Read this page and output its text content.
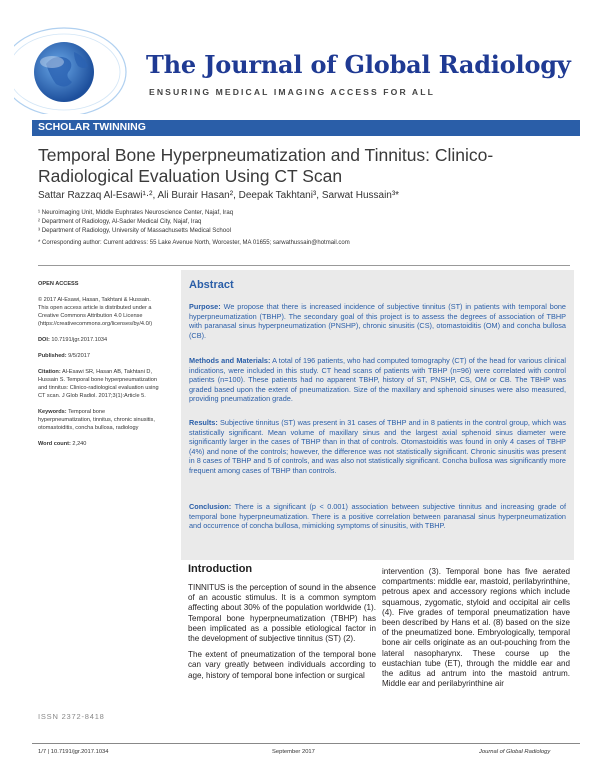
The Journal of Global Radiology
ENSURING MEDICAL IMAGING ACCESS FOR ALL
SCHOLAR TWINNING
Temporal Bone Hyperpneumatization and Tinnitus: Clinico-Radiological Evaluation Using CT Scan
Sattar Razzaq Al-Esawi¹·², Ali Burair Hasan², Deepak Takhtani³, Sarwat Hussain³*
¹ Neuroimaging Unit, Middle Euphrates Neuroscience Center, Najaf, Iraq
² Department of Radiology, Al-Sader Medical City, Najaf, Iraq
³ Department of Radiology, University of Massachusetts Medical School
* Corresponding author: Current address: 55 Lake Avenue North, Worcester, MA 01655; sarwathussain@hotmail.com

OPEN ACCESS

© 2017 Al-Esawi, Hasan, Takhtani & Hussain. This open access article is distributed under a Creative Commons Attribution 4.0 License (https://creativecommons.org/licenses/by/4.0/)

DOI: 10.7191/jgr.2017.1034

Published: 9/5/2017

Citation: Al-Esawi SR, Hasan AB, Takhtani D, Hussain S. Temporal bone hyperpneumatization and tinnitus: Clinico-radiological evaluation using CT scan. J Glob Radiol. 2017;3(1):Article 5.

Keywords: Temporal bone hyperpneumatization, tinnitus, chronic sinusitis, otomastoiditis, concha bullosa, radiology

Word count: 2,240

Abstract
Purpose: We propose that there is increased incidence of subjective tinnitus (ST) in patients with temporal bone hyperpneumatization (TBHP). The secondary goal of this project is to assess the degrees of association of TBHP with paranasal sinus hyperpneumatization (PNSHP), chronic sinusitis (CS), otomastoiditis (OM) and concha bullosa (CB).
Methods and Materials: A total of 196 patients, who had computed tomography (CT) of the head for various clinical indications, were included in this study. CT head scans of patients with TBHP (n=96) were correlated with control patients (n=100). These patients had no apparent TBHP, history of ST, PNSHP, CS, OM or CB. The TBHP was graded based upon the extent of pneumatization. Size of the maxillary and sphenoid sinuses were also measured, providing pneumatization grade.
Results: Subjective tinnitus (ST) was present in 31 cases of TBHP and in 8 patients in the control group, which was statistically significant. Mean volume of maxillary sinus and the largest axial sphenoid sinus diameter were significantly larger in the cases of TBHP than in that of controls. Otomastoiditis was found in only 4 cases of TBHP (4%) and none of the controls; however, the difference was not statistically significant. Chronic sinusitis was present in 8 cases of TBHP and 5 of controls, and was also not statistically significant. Concha bullosa was significantly more frequent among cases of TBHP than controls.
Conclusion: There is a significant (p < 0.001) association between subjective tinnitus and increasing grade of temporal bone hyperpneumatization. There is a positive correlation between paranasal sinus hyperpneumatization and occurrence of concha bullosa, mimicking symptoms of sinusitis, with TBHP.
Introduction

TINNITUS is the perception of sound in the absence of an acoustic stimulus. It is a common symptom affecting about 30% of the population worldwide (1). Temporal bone hyperpneumatization (TBHP) has been implicated as a possible etiological factor in the development of subjective tinnitus (ST) (2).

The extent of pneumatization of the temporal bone can vary greatly between individuals according to age, history of temporal bone infection or surgical

intervention (3). Temporal bone has five aerated compartments: middle ear, mastoid, perilabyrinthine, petrous apex and accessory regions which include squamous, zygomatic, styloid and occipital air cells (4). Five grades of temporal pneumatization have been described by Hans et al. (8) based on the size of the pneumatized bone. Embryologically, temporal bone air cells originate as an out-pouching from the lateral nasopharynx. These course up the eustachian tube (ET), through the middle ear and the aditus ad antrum into the mastoid antrum. Middle ear and perilabyrinthine air

ISSN 2372-8418
1/7 | 10.7191/jgr.2017.1034	September 2017	Journal of Global Radiology
